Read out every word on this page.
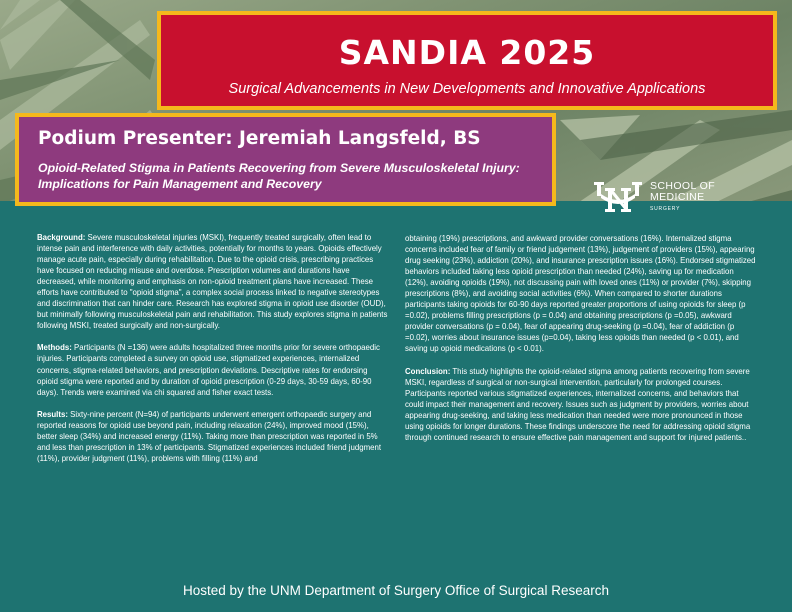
SANDIA 2025
Surgical Advancements in New Developments and Innovative Applications
Podium Presenter: Jeremiah Langsfeld, BS
Opioid-Related Stigma in Patients Recovering from Severe Musculoskeletal Injury: Implications for Pain Management and Recovery	SCHOOL OF
MEDICINE
SURGERY

Background: Severe musculoskeletal injuries (MSKI), frequently treated surgically, often lead to intense pain and interference with daily activities, potentially for months to years. Opioids effectively manage acute pain, especially during rehabilitation. Due to the opioid crisis, prescribing practices have focused on reducing misuse and overdose. Prescription volumes and durations have decreased, while monitoring and emphasis on non-opioid treatment plans have increased. These efforts have contributed to "opioid stigma", a complex social process linked to negative stereotypes and discrimination that can hinder care. Research has explored stigma in opioid use disorder (OUD), but minimally following musculoskeletal pain and rehabilitation. This study explores stigma in patients following MSKI, treated surgically and non-surgically.

Methods: Participants (N =136) were adults hospitalized three months prior for severe orthopaedic injuries. Participants completed a survey on opioid use, stigmatized experiences, internalized concerns, stigma-related behaviors, and prescription deviations. Descriptive rates for endorsing opioid stigma were reported and by duration of opioid prescription (0-29 days, 30-59 days, 60-90 days). Trends were examined via chi squared and fisher exact tests.

Results: Sixty-nine percent (N=94) of participants underwent emergent orthopaedic surgery and reported reasons for opioid use beyond pain, including relaxation (24%), improved mood (15%), better sleep (34%) and increased energy (11%). Taking more than prescription was reported in 5% and less than prescription in 13% of participants. Stigmatized experiences included friend judgment (11%), provider judgment (11%), problems with filling (11%) and

obtaining (19%) prescriptions, and awkward provider conversations (16%). Internalized stigma concerns included fear of family or friend judgement (13%), judgement of providers (15%), appearing drug seeking (23%), addiction (20%), and insurance prescription issues (16%). Endorsed stigmatized behaviors included taking less opioid prescription than needed (24%), saving up for medication (12%), avoiding opioids (19%), not discussing pain with loved ones (11%) or provider (7%), skipping prescriptions (8%), and avoiding social activities (6%). When compared to shorter durations participants taking opioids for 60-90 days reported greater proportions of using opioids for sleep (p =0.02), problems filling prescriptions (p = 0.04) and obtaining prescriptions (p =0.05), awkward provider conversations (p = 0.04), fear of appearing drug-seeking (p =0.04), fear of addiction (p =0.02), worries about insurance issues (p=0.04), taking less opioids than needed (p < 0.01), and saving up opioid medications (p < 0.01).

Conclusion: This study highlights the opioid-related stigma among patients recovering from severe MSKI, regardless of surgical or non-surgical intervention, particularly for prolonged courses. Participants reported various stigmatized experiences, internalized concerns, and behaviors that could impact their management and recovery. Issues such as judgment by providers, worries about appearing drug-seeking, and taking less medication than needed were more pronounced in those using opioids for longer durations. These findings underscore the need for addressing opioid stigma through continued research to ensure effective pain management and support for injured patients..

Hosted by the UNM Department of Surgery Office of Surgical Research
